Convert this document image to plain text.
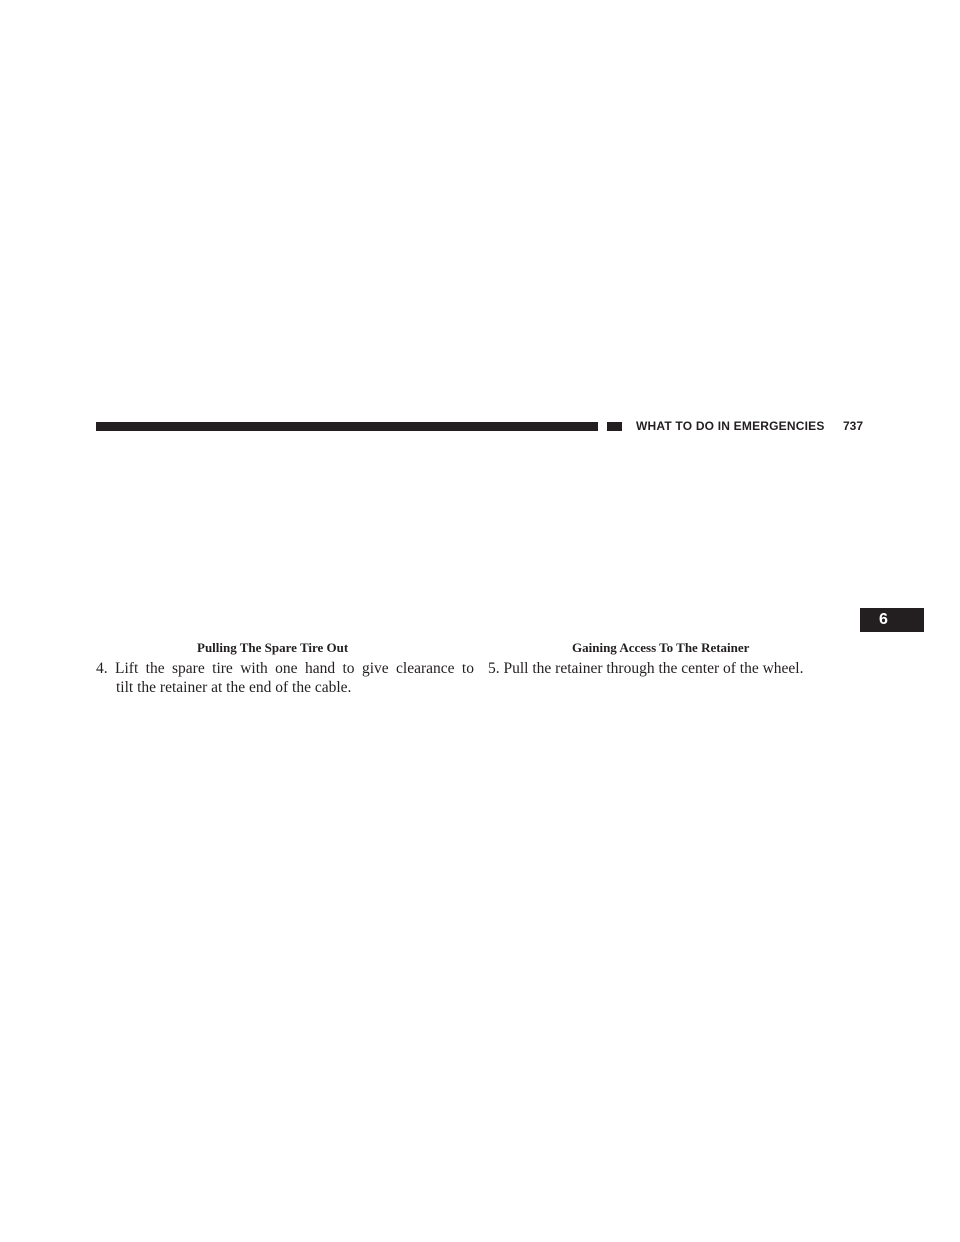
WHAT TO DO IN EMERGENCIES 737
6
Pulling The Spare Tire Out	Gaining Access To The Retainer
4. Lift the spare tire with one hand to give clearance to
tilt the retainer at the end of the cable.
5. Pull the retainer through the center of the wheel.
